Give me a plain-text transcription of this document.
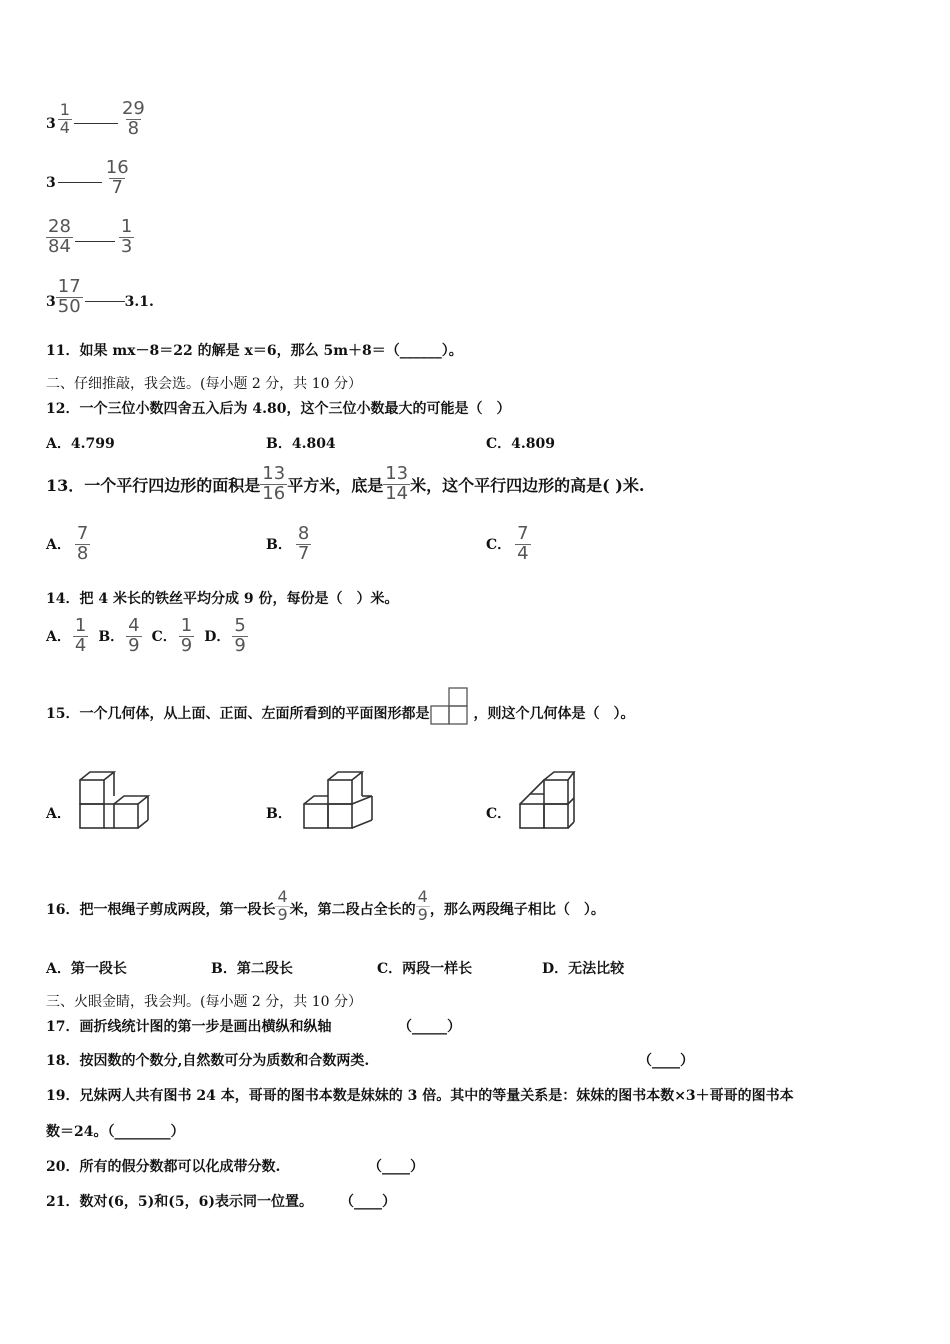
$3 \frac{1}{4}$	$\frac{29}{8}$
3	$\frac{16}{7}$
$\frac{28}{84}$	$\frac{1}{3}$
$3 \frac{17}{50}$	3.1.
11．如果 mx－8＝22 的解是 x＝6，那么 5m＋8＝（______）。
二、仔细推敲，我会选。(每小题 2 分，共 10 分）
12．一个三位小数四舍五入后为 4.80，这个三位小数最大的可能是（　）
A．4.799	B．4.804	C．4.809
13．一个平行四边形的面积是 $\frac{13}{16}$ 平方米，底是 $\frac{13}{14}$ 米，这个平行四边形的高是( )米.
A． $\frac{7}{8}$	B． $\frac{8}{7}$	C． $\frac{7}{4}$
14．把 4 米长的铁丝平均分成 9 份，每份是（　）米。
A． $\frac{1}{4}$ B． $\frac{4}{9}$ C． $\frac{1}{9}$ D． $\frac{5}{9}$
15．一个几何体，从上面、正面、左面所看到的平面图形都是	，则这个几何体是（　）。
A．	B．	C．
16．把一根绳子剪成两段，第一段长 $\frac{4}{9}$ 米，第二段占全长的 $\frac{4}{9}$ ，那么两段绳子相比（　）。
A．第一段长	B．第二段长	C．两段一样长	D．无法比较
三、火眼金睛，我会判。(每小题 2 分，共 10 分）
17．画折线统计图的第一步是画出横纵和纵轴	（_____）
18．按因数的个数分,自然数可分为质数和合数两类.	（____）
19．兄妹两人共有图书 24 本，哥哥的图书本数是妹妹的 3 倍。其中的等量关系是：妹妹的图书本数×3＋哥哥的图书本
数＝24。（________）
20．所有的假分数都可以化成带分数.	（____）
21．数对(6，5)和(5，6)表示同一位置。 （____）
